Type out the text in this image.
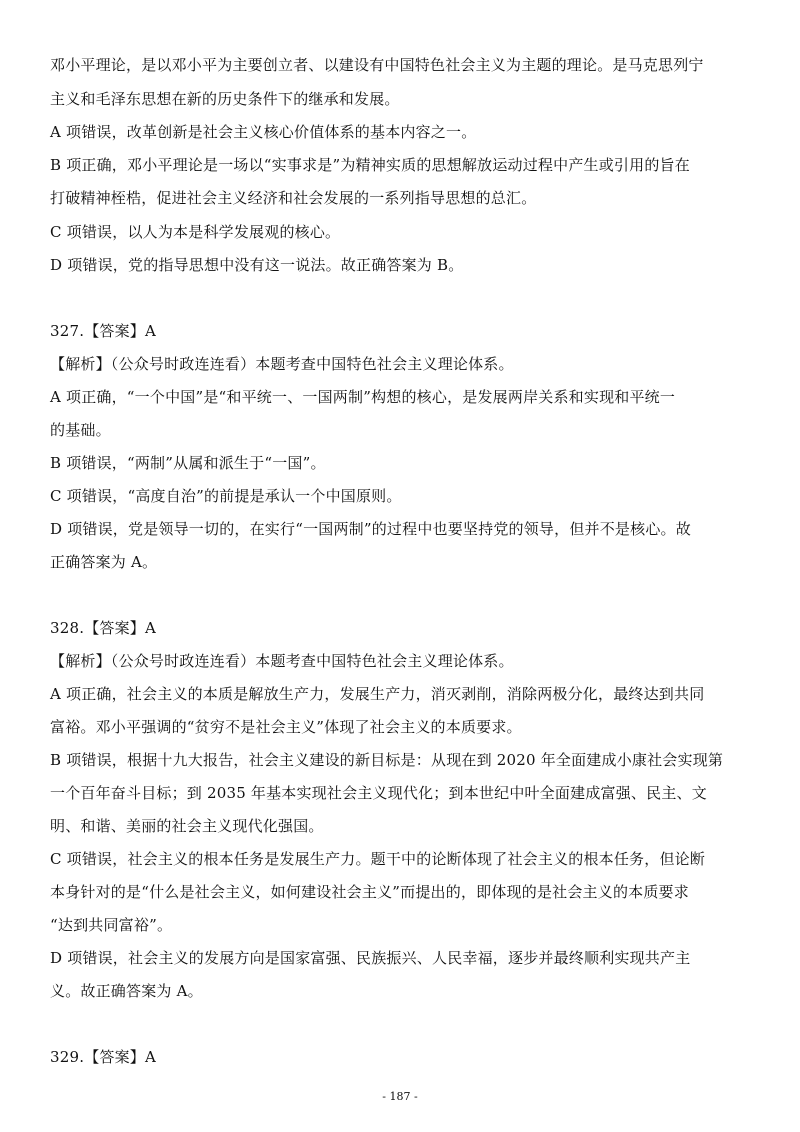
邓小平理论，是以邓小平为主要创立者、以建设有中国特色社会主义为主题的理论。是马克思列宁
主义和毛泽东思想在新的历史条件下的继承和发展。
A 项错误，改革创新是社会主义核心价值体系的基本内容之一。
B 项正确，邓小平理论是一场以“实事求是”为精神实质的思想解放运动过程中产生或引用的旨在
打破精神桎梏，促进社会主义经济和社会发展的一系列指导思想的总汇。
C 项错误，以人为本是科学发展观的核心。
D 项错误，党的指导思想中没有这一说法。故正确答案为 B。
327.【答案】A
【解析】（公众号时政连连看）本题考查中国特色社会主义理论体系。
A 项正确，“一个中国”是“和平统一、一国两制”构想的核心，是发展两岸关系和实现和平统一
的基础。
B 项错误，“两制”从属和派生于“一国”。
C 项错误，“高度自治”的前提是承认一个中国原则。
D 项错误，党是领导一切的，在实行“一国两制”的过程中也要坚持党的领导，但并不是核心。故
正确答案为 A。
328.【答案】A
【解析】（公众号时政连连看）本题考查中国特色社会主义理论体系。
A 项正确，社会主义的本质是解放生产力，发展生产力，消灭剥削，消除两极分化，最终达到共同
富裕。邓小平强调的“贫穷不是社会主义”体现了社会主义的本质要求。
B 项错误，根据十九大报告，社会主义建设的新目标是：从现在到 2020 年全面建成小康社会实现第
一个百年奋斗目标；到 2035 年基本实现社会主义现代化；到本世纪中叶全面建成富强、民主、文
明、和谐、美丽的社会主义现代化强国。
C 项错误，社会主义的根本任务是发展生产力。题干中的论断体现了社会主义的根本任务，但论断
本身针对的是“什么是社会主义，如何建设社会主义”而提出的，即体现的是社会主义的本质要求
“达到共同富裕”。
D 项错误，社会主义的发展方向是国家富强、民族振兴、人民幸福，逐步并最终顺利实现共产主
义。故正确答案为 A。
329.【答案】A
- 187 -
